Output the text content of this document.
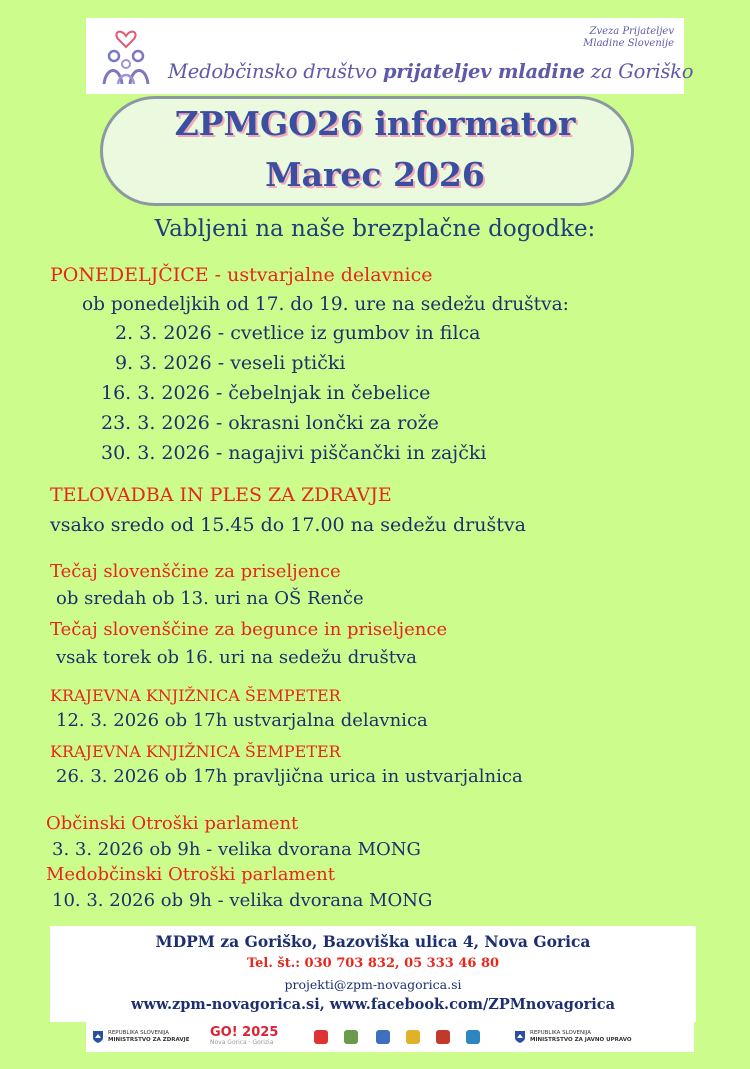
Medobčinsko društvo prijateljev mladine za Goriško
Zveza Prijateljev
Mladine Slovenije
ZPMGO26 informator
Marec 2026
Vabljeni na naše brezplačne dogodke:
PONEDELJČICE - ustvarjalne delavnice
ob ponedeljkih od 17. do 19. ure na sedežu društva:
2. 3. 2026 - cvetlice iz gumbov in filca
9. 3. 2026 - veseli ptički
16. 3. 2026 - čebelnjak in čebelice
23. 3. 2026 - okrasni lončki za rože
30. 3. 2026 - nagajivi piščančki in zajčki
TELOVADBA IN PLES ZA ZDRAVJE
vsako sredo od 15.45 do 17.00 na sedežu društva
Tečaj slovenščine za priseljence
ob sredah ob 13. uri na OŠ Renče
Tečaj slovenščine za begunce in priseljence
vsak torek ob 16. uri na sedežu društva
KRAJEVNA KNJIŽNICA ŠEMPETER
12. 3. 2026 ob 17h ustvarjalna delavnica
KRAJEVNA KNJIŽNICA ŠEMPETER
26. 3. 2026 ob 17h pravljična urica in ustvarjalnica
Občinski Otroški parlament
3. 3. 2026 ob 9h - velika dvorana MONG
Medobčinski Otroški parlament
10. 3. 2026 ob 9h - velika dvorana MONG
MDPM za Goriško, Bazoviška ulica 4, Nova Gorica
Tel. št.: 030 703 832, 05 333 46 80
projekti@zpm-novagorica.si
www.zpm-novagorica.si, www.facebook.com/ZPMnovagorica
REPUBLIKA SLOVENIJA
MINISTRSTVO ZA ZDRAVJE GO! 2025
Nova Gorica · Gorizia
REPUBLIKA SLOVENIJA
MINISTRSTVO ZA JAVNO UPRAVO
